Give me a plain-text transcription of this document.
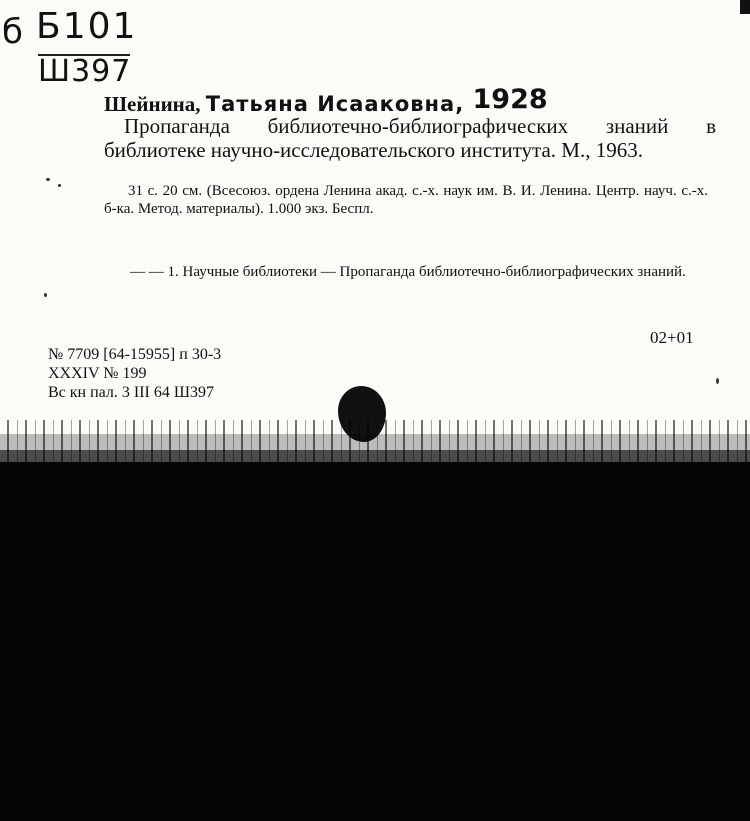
б Б101
Ш397
Шейнина, Татьяна Исааковна, 1928
Пропаганда библиотечно-библиографических знаний в библиотеке научно-исследовательского института. М., 1963.
31 с. 20 см. (Всесоюз. ордена Ленина акад. с.-х. наук им. В. И. Ленина. Центр. науч. с.-х. б-ка. Метод. материалы). 1.000 экз. Беспл.
— — 1. Научные библиотеки — Пропаганда библиотечно-библиографических знаний.
02+01
№ 7709 [64-15955] п 30-3
XXXIV № 199
Вс кн пал. 3 III 64 Ш397
